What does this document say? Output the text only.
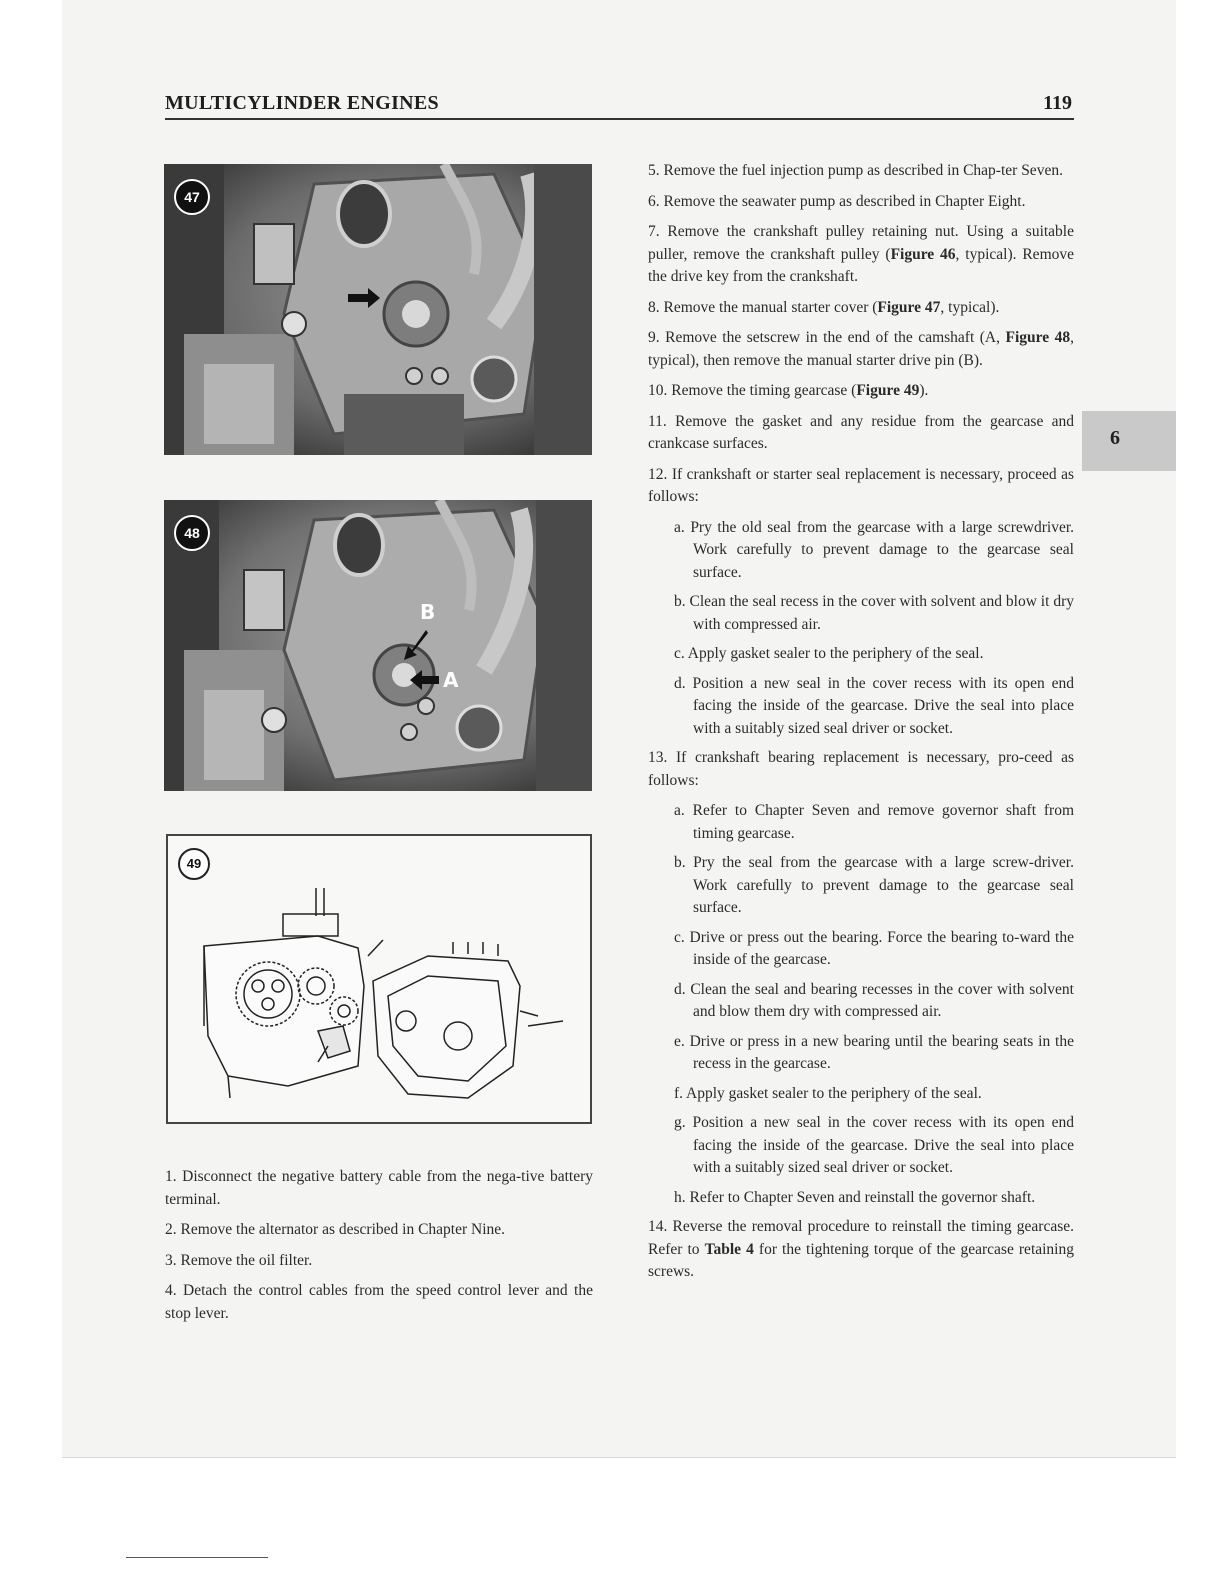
MULTICYLINDER ENGINES	119
6
47
48
B
A
49

1. Disconnect the negative battery cable from the nega-tive battery terminal.

2. Remove the alternator as described in Chapter Nine.

3. Remove the oil filter.

4. Detach the control cables from the speed control lever and the stop lever.

5. Remove the fuel injection pump as described in Chap-ter Seven.

6. Remove the seawater pump as described in Chapter Eight.

7. Remove the crankshaft pulley retaining nut. Using a suitable puller, remove the crankshaft pulley (Figure 46, typical). Remove the drive key from the crankshaft.

8. Remove the manual starter cover (Figure 47, typical).

9. Remove the setscrew in the end of the camshaft (A, Figure 48, typical), then remove the manual starter drive pin (B).

10. Remove the timing gearcase (Figure 49).

11. Remove the gasket and any residue from the gearcase and crankcase surfaces.

12. If crankshaft or starter seal replacement is necessary, proceed as follows:

a. Pry the old seal from the gearcase with a large screwdriver. Work carefully to prevent damage to the gearcase seal surface.

b. Clean the seal recess in the cover with solvent and blow it dry with compressed air.

c. Apply gasket sealer to the periphery of the seal.

d. Position a new seal in the cover recess with its open end facing the inside of the gearcase. Drive the seal into place with a suitably sized seal driver or socket.

13. If crankshaft bearing replacement is necessary, pro-ceed as follows:

a. Refer to Chapter Seven and remove governor shaft from timing gearcase.

b. Pry the seal from the gearcase with a large screw-driver. Work carefully to prevent damage to the gearcase seal surface.

c. Drive or press out the bearing. Force the bearing to-ward the inside of the gearcase.

d. Clean the seal and bearing recesses in the cover with solvent and blow them dry with compressed air.

e. Drive or press in a new bearing until the bearing seats in the recess in the gearcase.

f. Apply gasket sealer to the periphery of the seal.

g. Position a new seal in the cover recess with its open end facing the inside of the gearcase. Drive the seal into place with a suitably sized seal driver or socket.

h. Refer to Chapter Seven and reinstall the governor shaft.

14. Reverse the removal procedure to reinstall the timing gearcase. Refer to Table 4 for the tightening torque of the gearcase retaining screws.
